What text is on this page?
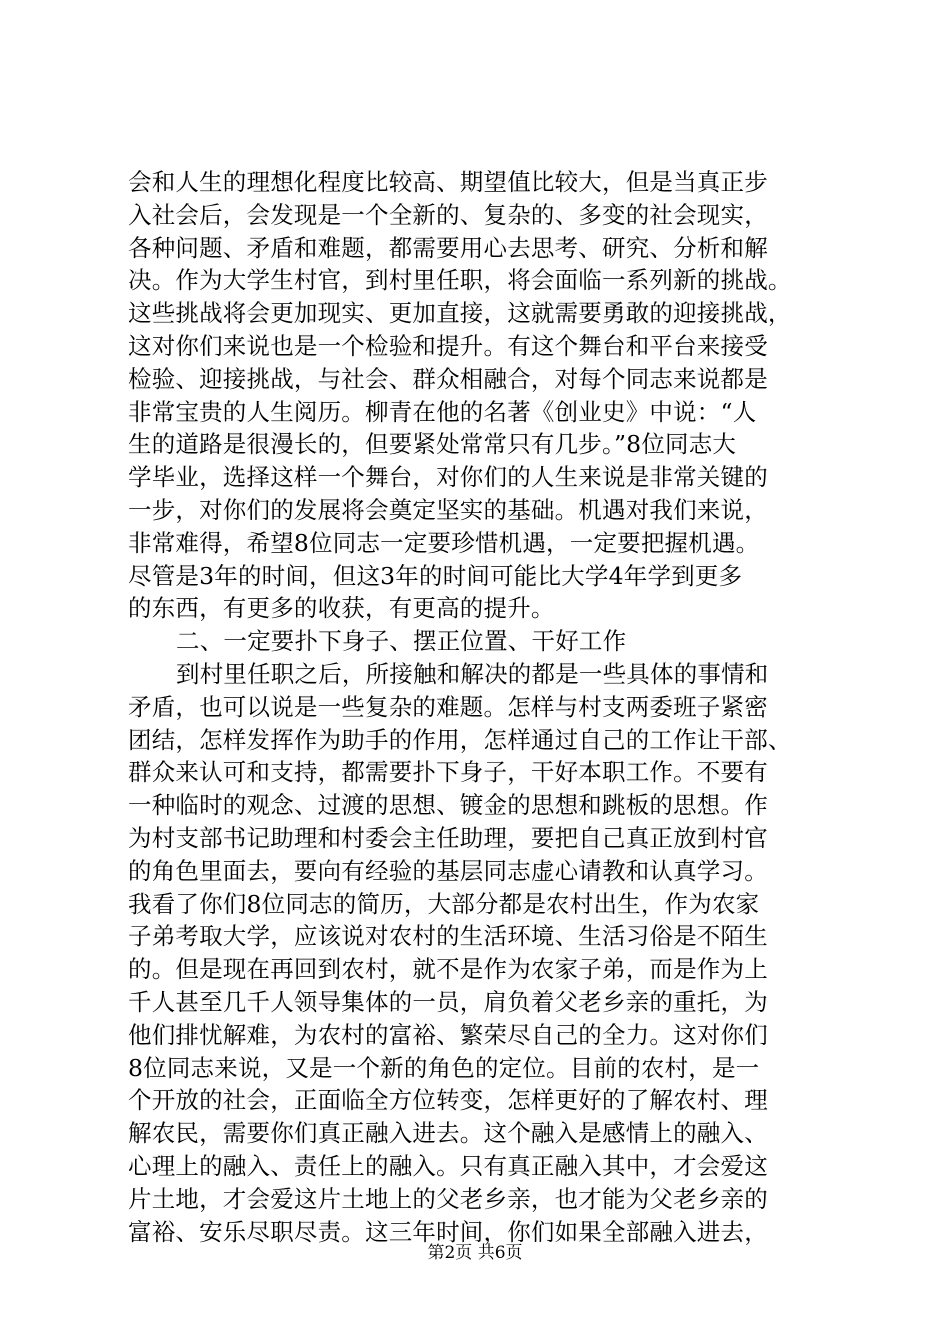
会和人生的理想化程度比较高、期望值比较大，但是当真正步
入社会后，会发现是一个全新的、复杂的、多变的社会现实，
各种问题、矛盾和难题，都需要用心去思考、研究、分析和解
决。作为大学生村官，到村里任职，将会面临一系列新的挑战。
这些挑战将会更加现实、更加直接，这就需要勇敢的迎接挑战，
这对你们来说也是一个检验和提升。有这个舞台和平台来接受
检验、迎接挑战，与社会、群众相融合，对每个同志来说都是
非常宝贵的人生阅历。柳青在他的名著《创业史》中说：“人
生的道路是很漫长的，但要紧处常常只有几步。”8位同志大
学毕业，选择这样一个舞台，对你们的人生来说是非常关键的
一步，对你们的发展将会奠定坚实的基础。机遇对我们来说，
非常难得，希望8位同志一定要珍惜机遇，一定要把握机遇。
尽管是3年的时间，但这3年的时间可能比大学4年学到更多
的东西，有更多的收获，有更高的提升。
二、一定要扑下身子、摆正位置、干好工作
到村里任职之后，所接触和解决的都是一些具体的事情和
矛盾，也可以说是一些复杂的难题。怎样与村支两委班子紧密
团结，怎样发挥作为助手的作用，怎样通过自己的工作让干部、
群众来认可和支持，都需要扑下身子，干好本职工作。不要有
一种临时的观念、过渡的思想、镀金的思想和跳板的思想。作
为村支部书记助理和村委会主任助理，要把自己真正放到村官
的角色里面去，要向有经验的基层同志虚心请教和认真学习。
我看了你们8位同志的简历，大部分都是农村出生，作为农家
子弟考取大学，应该说对农村的生活环境、生活习俗是不陌生
的。但是现在再回到农村，就不是作为农家子弟，而是作为上
千人甚至几千人领导集体的一员，肩负着父老乡亲的重托，为
他们排忧解难，为农村的富裕、繁荣尽自己的全力。这对你们
8位同志来说，又是一个新的角色的定位。目前的农村，是一
个开放的社会，正面临全方位转变，怎样更好的了解农村、理
解农民，需要你们真正融入进去。这个融入是感情上的融入、
心理上的融入、责任上的融入。只有真正融入其中，才会爱这
片土地，才会爱这片土地上的父老乡亲，也才能为父老乡亲的
富裕、安乐尽职尽责。这三年时间，你们如果全部融入进去，
第2页 共6页
